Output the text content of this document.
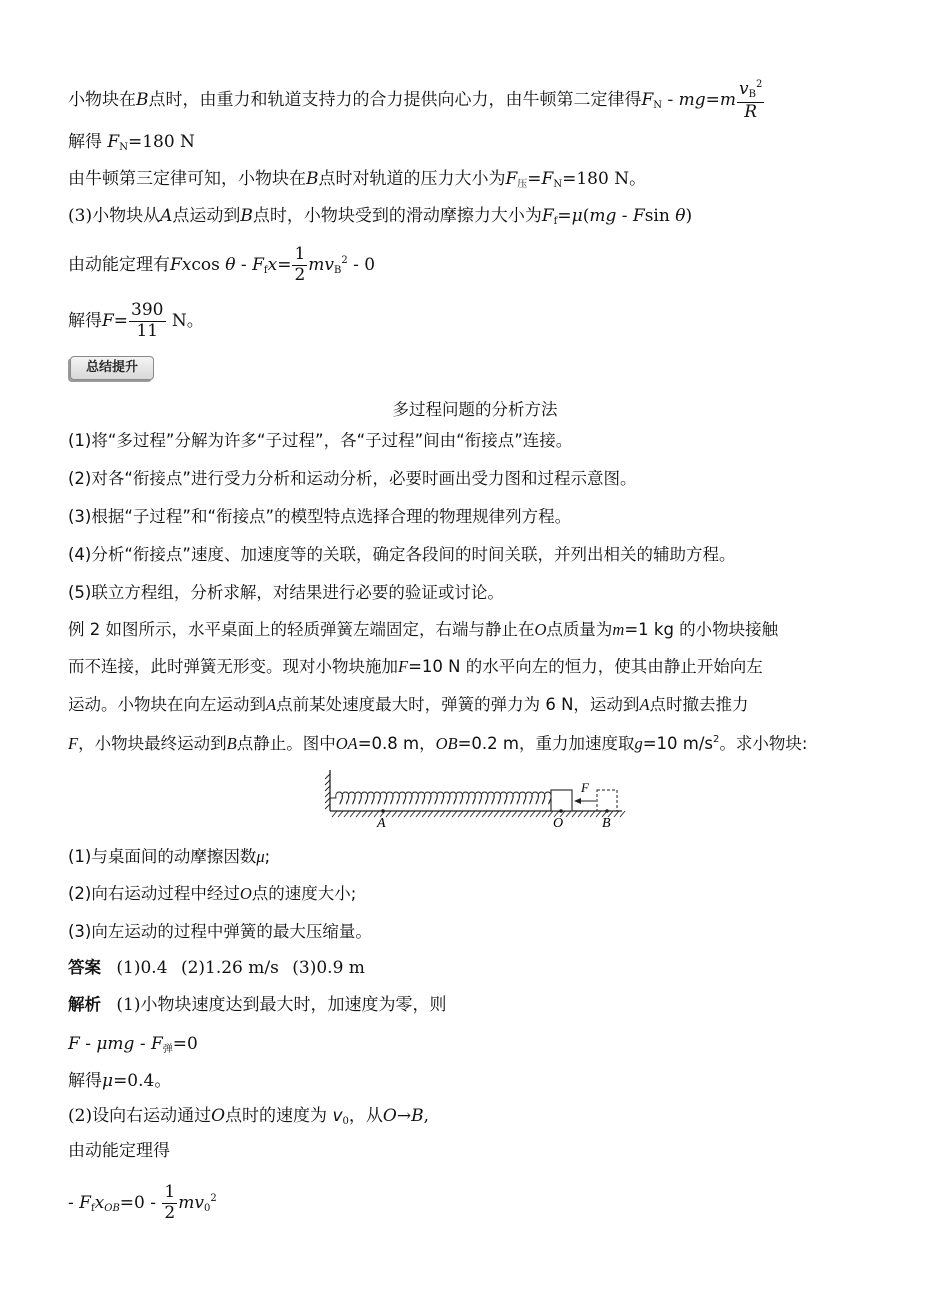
小物块在B点时，由重力和轨道支持力的合力提供向心力，由牛顿第二定律得$F_N - mg=m \frac{v_B^2}{R}$
解得 $F_N=180$ N
由牛顿第三定律可知，小物块在B点时对轨道的压力大小为$F_压=F_N=180$ N。
(3)小物块从A点运动到B点时，小物块受到的滑动摩擦力大小为$F_f=\mu(mg - Fsin$ θ)
由动能定理有Fxcos $\theta - F_fx= \frac{1}{2} mv_B^2 - 0$
解得$F= \frac{390}{11}$ N。
总结提升
多过程问题的分析方法
(1)将“多过程”分解为许多“子过程”，各“子过程”间由“衔接点”连接。
(2)对各“衔接点”进行受力分析和运动分析，必要时画出受力图和过程示意图。
(3)根据“子过程”和“衔接点”的模型特点选择合理的物理规律列方程。
(4)分析“衔接点”速度、加速度等的关联，确定各段间的时间关联，并列出相关的辅助方程。
(5)联立方程组，分析求解，对结果进行必要的验证或讨论。
例 2 如图所示，水平桌面上的轻质弹簧左端固定，右端与静止在O点质量为m=1 kg 的小物块接触
而不连接，此时弹簧无形变。现对小物块施加F=10 N 的水平向左的恒力，使其由静止开始向左
运动。小物块在向左运动到A点前某处速度最大时，弹簧的弹力为 6 N，运动到A点时撤去推力
F，小物块最终运动到B点静止。图中OA=0.8 m，OB=0.2 m，重力加速度取g=10 $m/s^2$。求小物块:
F
A	O	B
(1)与桌面间的动摩擦因数μ;
(2)向右运动过程中经过O点的速度大小;
(3)向左运动的过程中弹簧的最大压缩量。
答案 (1)0.4 (2)1.26 m/s (3)0.9 m
解析 (1)小物块速度达到最大时，加速度为零，则
$F - \mu mg - F_弹=0$
解得μ=0.4。
(2)设向右运动通过O点时的速度为 $v_0$，从O→B,
由动能定理得
- $F_fx_{OB}=0 - \frac{1}{2} mv_0^2$
